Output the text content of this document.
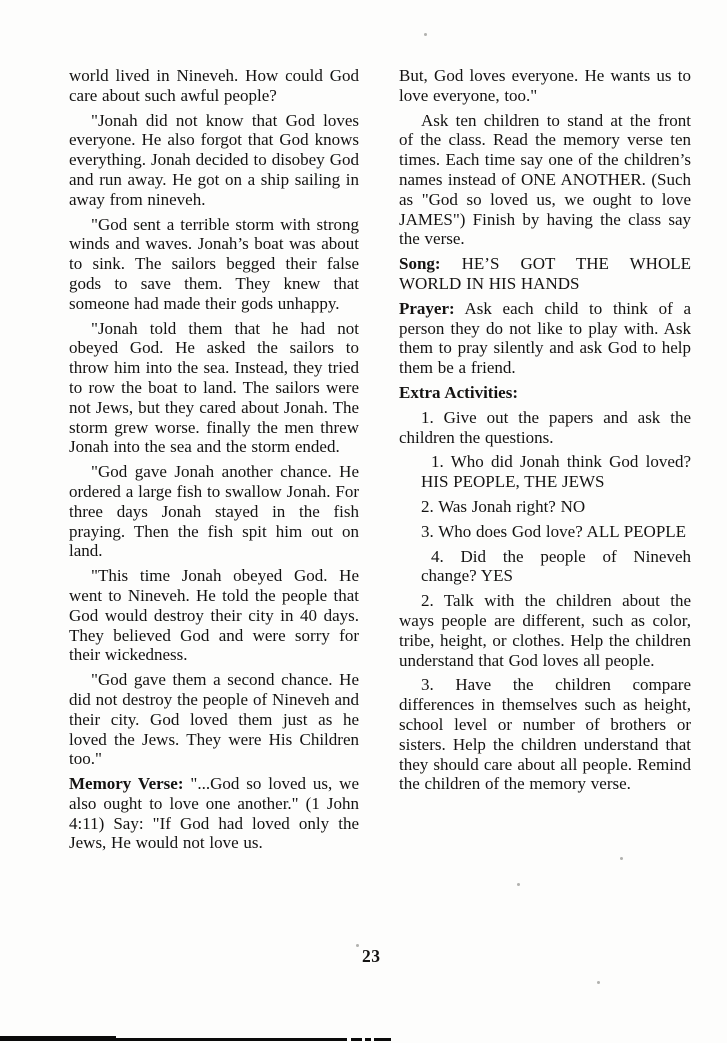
world lived in Nineveh. How could God care about such awful people?

"Jonah did not know that God loves everyone. He also forgot that God knows everything. Jonah decided to disobey God and run away. He got on a ship sailing in away from nineveh.

"God sent a terrible storm with strong winds and waves. Jonah’s boat was about to sink. The sailors begged their false gods to save them. They knew that someone had made their gods unhappy.

"Jonah told them that he had not obeyed God. He asked the sailors to throw him into the sea. Instead, they tried to row the boat to land. The sailors were not Jews, but they cared about Jonah. The storm grew worse. finally the men threw Jonah into the sea and the storm ended.

"God gave Jonah another chance. He ordered a large fish to swallow Jonah. For three days Jonah stayed in the fish praying. Then the fish spit him out on land.

"This time Jonah obeyed God. He went to Nineveh. He told the people that God would destroy their city in 40 days. They believed God and were sorry for their wickedness.

"God gave them a second chance. He did not destroy the people of Nineveh and their city. God loved them just as he loved the Jews. They were His Children too."

Memory Verse: "...God so loved us, we also ought to love one another." (1 John 4:11) Say: "If God had loved only the Jews, He would not love us.

But, God loves everyone. He wants us to love everyone, too."

Ask ten children to stand at the front of the class. Read the memory verse ten times. Each time say one of the children’s names instead of ONE ANOTHER. (Such as "God so loved us, we ought to love JAMES") Finish by having the class say the verse.

Song: HE’S GOT THE WHOLE WORLD IN HIS HANDS

Prayer: Ask each child to think of a person they do not like to play with. Ask them to pray silently and ask God to help them be a friend.

Extra Activities:

1. Give out the papers and ask the children the questions.

1. Who did Jonah think God loved? HIS PEOPLE, THE JEWS

2. Was Jonah right? NO

3. Who does God love? ALL PEOPLE

4. Did the people of Nineveh change? YES

2. Talk with the children about the ways people are different, such as color, tribe, height, or clothes. Help the children understand that God loves all people.

3. Have the children compare differences in themselves such as height, school level or number of brothers or sisters. Help the children understand that they should care about all people. Remind the children of the memory verse.

23
